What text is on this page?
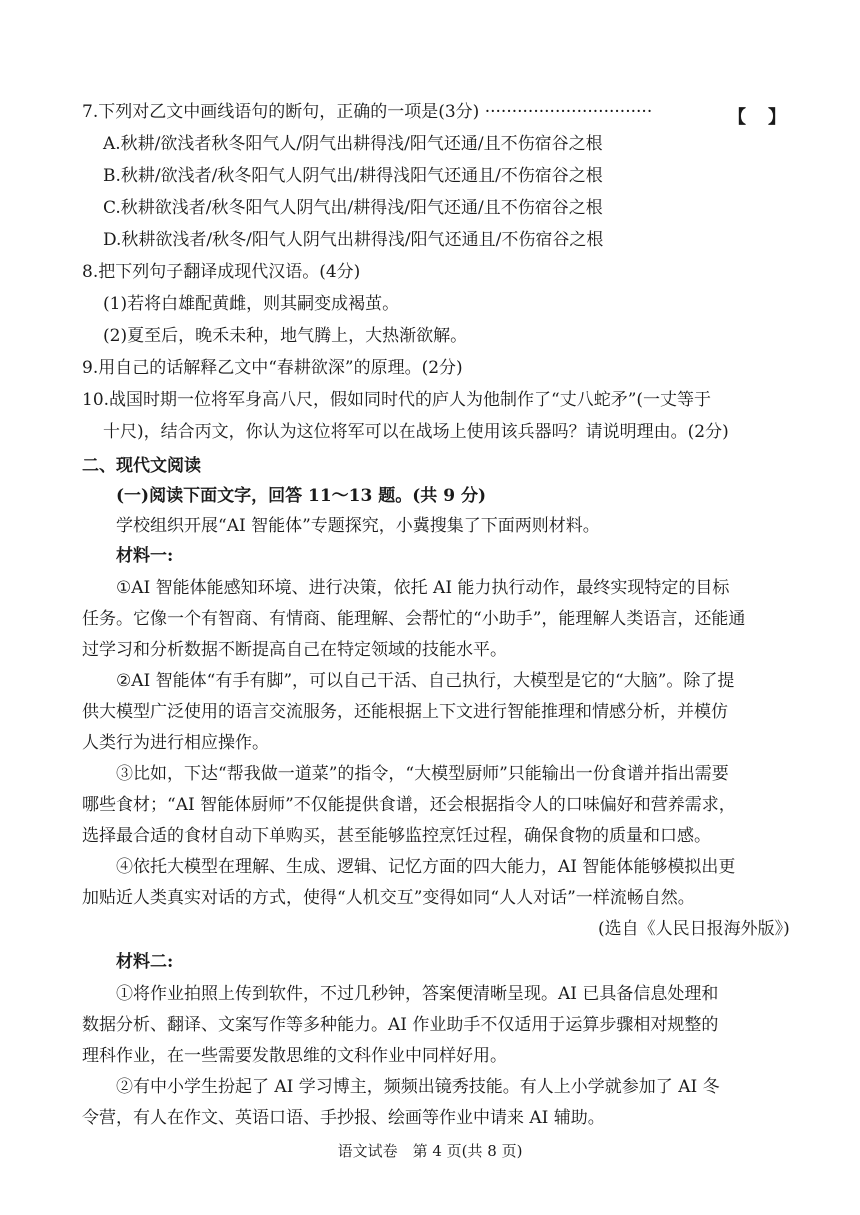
7.下列对乙文中画线语句的断句，正确的一项是(3分) ·······························	【 】
A.秋耕/欲浅者秋冬阳气人/阴气出耕得浅/阳气还通/且不伤宿谷之根
B.秋耕/欲浅者/秋冬阳气人阴气出/耕得浅阳气还通且/不伤宿谷之根
C.秋耕欲浅者/秋冬阳气人阴气出/耕得浅/阳气还通/且不伤宿谷之根
D.秋耕欲浅者/秋冬/阳气人阴气出耕得浅/阳气还通且/不伤宿谷之根
8.把下列句子翻译成现代汉语。(4分)
(1)若将白雄配黄雌，则其嗣变成褐茧。
(2)夏至后，晚禾未种，地气腾上，大热渐欲解。
9.用自己的话解释乙文中“春耕欲深”的原理。(2分)
10.战国时期一位将军身高八尺，假如同时代的庐人为他制作了“丈八蛇矛”(一丈等于
十尺)，结合丙文，你认为这位将军可以在战场上使用该兵器吗？请说明理由。(2分)
二、现代文阅读
(一)阅读下面文字，回答 11～13 题。(共 9 分)
学校组织开展“AI 智能体”专题探究，小冀搜集了下面两则材料。
材料一:
①AI 智能体能感知环境、进行决策，依托 AI 能力执行动作，最终实现特定的目标
任务。它像一个有智商、有情商、能理解、会帮忙的“小助手”，能理解人类语言，还能通
过学习和分析数据不断提高自己在特定领域的技能水平。
②AI 智能体“有手有脚”，可以自己干活、自己执行，大模型是它的“大脑”。除了提
供大模型广泛使用的语言交流服务，还能根据上下文进行智能推理和情感分析，并模仿
人类行为进行相应操作。
③比如，下达“帮我做一道菜”的指令，“大模型厨师”只能输出一份食谱并指出需要
哪些食材；“AI 智能体厨师”不仅能提供食谱，还会根据指令人的口味偏好和营养需求，
选择最合适的食材自动下单购买，甚至能够监控烹饪过程，确保食物的质量和口感。
④依托大模型在理解、生成、逻辑、记忆方面的四大能力，AI 智能体能够模拟出更
加贴近人类真实对话的方式，使得“人机交互”变得如同“人人对话”一样流畅自然。
(选自《人民日报海外版》)
材料二:
①将作业拍照上传到软件，不过几秒钟，答案便清晰呈现。AI 已具备信息处理和
数据分析、翻译、文案写作等多种能力。AI 作业助手不仅适用于运算步骤相对规整的
理科作业，在一些需要发散思维的文科作业中同样好用。
②有中小学生扮起了 AI 学习博主，频频出镜秀技能。有人上小学就参加了 AI 冬
令营，有人在作文、英语口语、手抄报、绘画等作业中请来 AI 辅助。
语文试卷　第 4 页(共 8 页)
